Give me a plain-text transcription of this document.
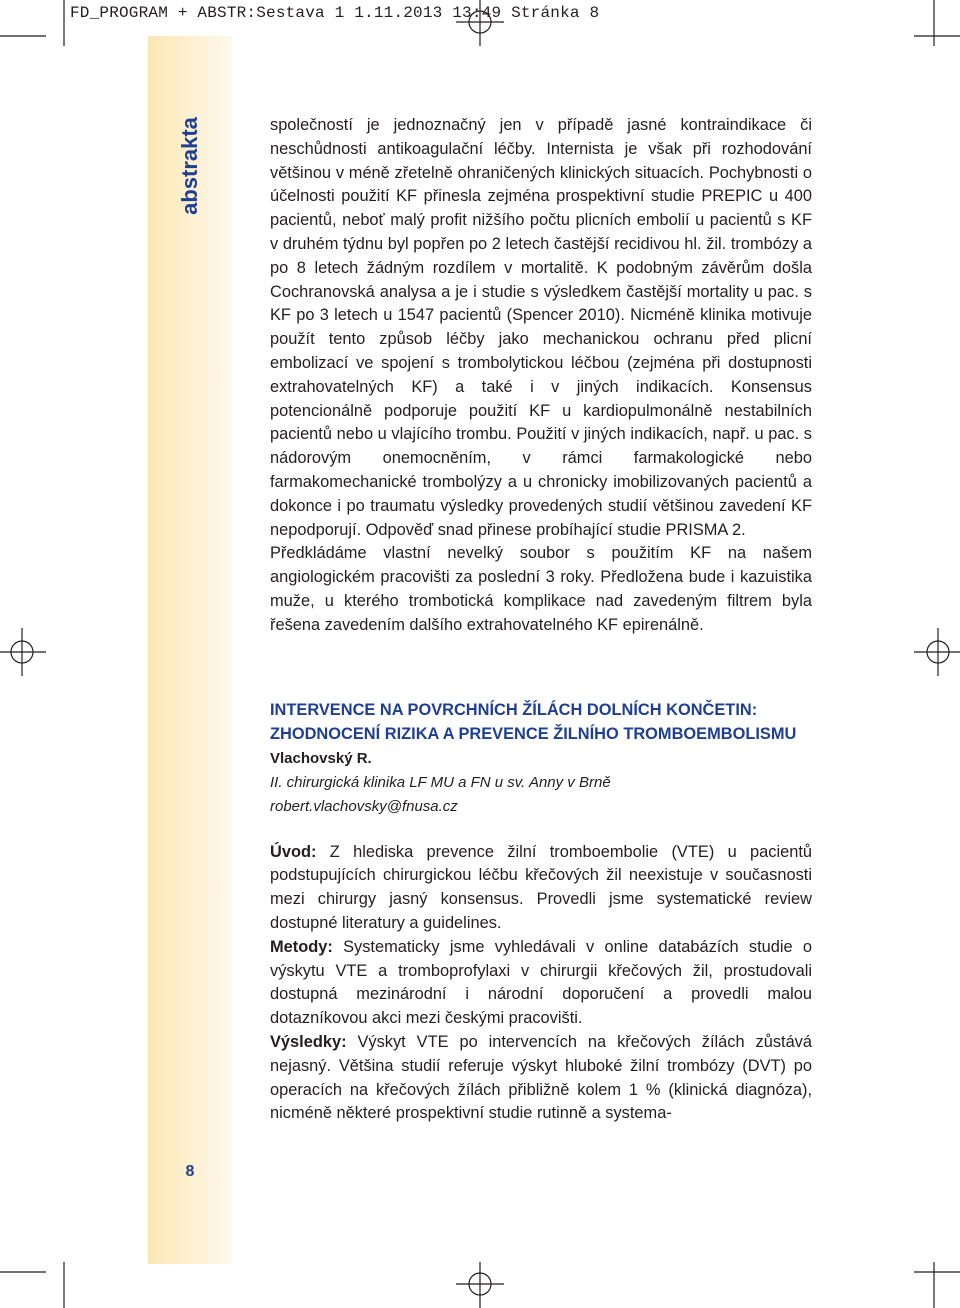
FD_PROGRAM + ABSTR:Sestava 1 1.11.2013 13:49 Stránka 8
abstrakta
8

společností je jednoznačný jen v případě jasné kontraindikace či neschůdnosti antikoagulační léčby. Internista je však při rozhodování většinou v méně zřetelně ohraničených klinických situacích. Pochybnosti o účelnosti použití KF přinesla zejména prospektivní studie PREPIC u 400 pacientů, neboť malý profit nižšího počtu plicních embolií u pacientů s KF v druhém týdnu byl popřen po 2 letech častější recidivou hl. žil. trombózy a po 8 letech žádným rozdílem v mortalitě. K podobným závěrům došla Cochranovská analysa a je i studie s výsledkem častější mortality u pac. s KF po 3 letech u 1547 pacientů (Spencer 2010). Nicméně klinika motivuje použít tento způsob léčby jako mechanickou ochranu před plicní embolizací ve spojení s trombolytickou léčbou (zejména při dostupnosti extrahovatelných KF) a také i v jiných indikacích. Konsensus potencionálně podporuje použití KF u kardiopulmonálně nestabilních pacientů nebo u vlajícího trombu. Použití v jiných indikacích, např. u pac. s nádorovým onemocněním, v rámci farmakologické nebo farmakomechanické trombolýzy a u chronicky imobilizovaných pacientů a dokonce i po traumatu výsledky provedených studií většinou zavedení KF nepodporují. Odpověď snad přinese probíhající studie PRISMA 2.

Předkládáme vlastní nevelký soubor s použitím KF na našem angiologickém pracovišti za poslední 3 roky. Předložena bude i kazuistika muže, u kterého trombotická komplikace nad zavedeným filtrem byla řešena zavedením dalšího extrahovatelného KF epirenálně.

INTERVENCE NA POVRCHNÍCH ŽÍLÁCH DOLNÍCH KONČETIN: ZHODNOCENÍ RIZIKA A PREVENCE ŽILNÍHO TROMBOEMBOLISMU

Vlachovský R.

II. chirurgická klinika LF MU a FN u sv. Anny v Brně

robert.vlachovsky@fnusa.cz

Úvod: Z hlediska prevence žilní tromboembolie (VTE) u pacientů podstupujících chirurgickou léčbu křečových žil neexistuje v současnosti mezi chirurgy jasný konsensus. Provedli jsme systematické review dostupné literatury a guidelines.

Metody: Systematicky jsme vyhledávali v online databázích studie o výskytu VTE a tromboprofylaxi v chirurgii křečových žil, prostudovali dostupná mezinárodní i národní doporučení a provedli malou dotazníkovou akci mezi českými pracovišti.

Výsledky: Výskyt VTE po intervencích na křečových žílách zůstává nejasný. Většina studií referuje výskyt hluboké žilní trombózy (DVT) po operacích na křečových žílách přibližně kolem 1 % (klinická diagnóza), nicméně některé prospektivní studie rutinně a systema-
